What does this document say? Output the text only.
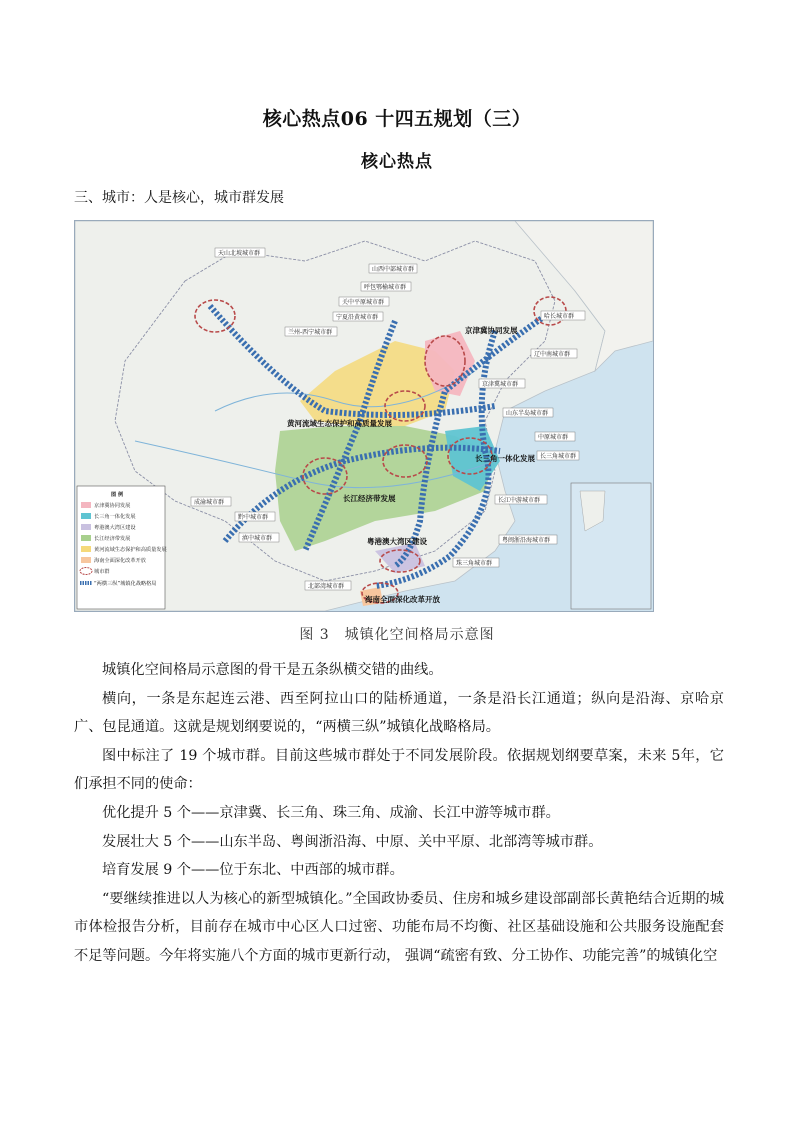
核心热点06 十四五规划（三）
核心热点
三、城市：人是核心，城市群发展
京津冀协同发展
黄河流域生态保护和高质量发展
长三角一体化发展
长江经济带发展
粤港澳大湾区建设
海南全面深化改革开放
天山北坡城市群
山西中部城市群
呼包鄂榆城市群
关中平原城市群
宁夏沿黄城市群
兰州-西宁城市群
哈长城市群
辽中南城市群
京津冀城市群
山东半岛城市群
中原城市群
长三角城市群
长江中游城市群
成渝城市群
黔中城市群
滇中城市群	粤闽浙沿海城市群
珠三角城市群
北部湾城市群
图 例
京津冀协同发展
长三角一体化发展
粤港澳大湾区建设
长江经济带发展
黄河流域生态保护和高质量发展
海南全面深化改革开放
城市群
“两横三纵”城镇化战略格局
图 3　城镇化空间格局示意图

城镇化空间格局示意图的骨干是五条纵横交错的曲线。

横向，一条是东起连云港、西至阿拉山口的陆桥通道，一条是沿长江通道；纵向是沿海、京哈京广、包昆通道。这就是规划纲要说的，“两横三纵”城镇化战略格局。

图中标注了 19 个城市群。目前这些城市群处于不同发展阶段。依据规划纲要草案，未来 5年，它们承担不同的使命：

优化提升 5 个——京津冀、长三角、珠三角、成渝、长江中游等城市群。

发展壮大 5 个——山东半岛、粤闽浙沿海、中原、关中平原、北部湾等城市群。

培育发展 9 个——位于东北、中西部的城市群。

“要继续推进以人为核心的新型城镇化。”全国政协委员、住房和城乡建设部副部长黄艳结合近期的城市体检报告分析，目前存在城市中心区人口过密、功能布局不均衡、社区基础设施和公共服务设施配套不足等问题。今年将实施八个方面的城市更新行动， 强调“疏密有致、分工协作、功能完善”的城镇化空
